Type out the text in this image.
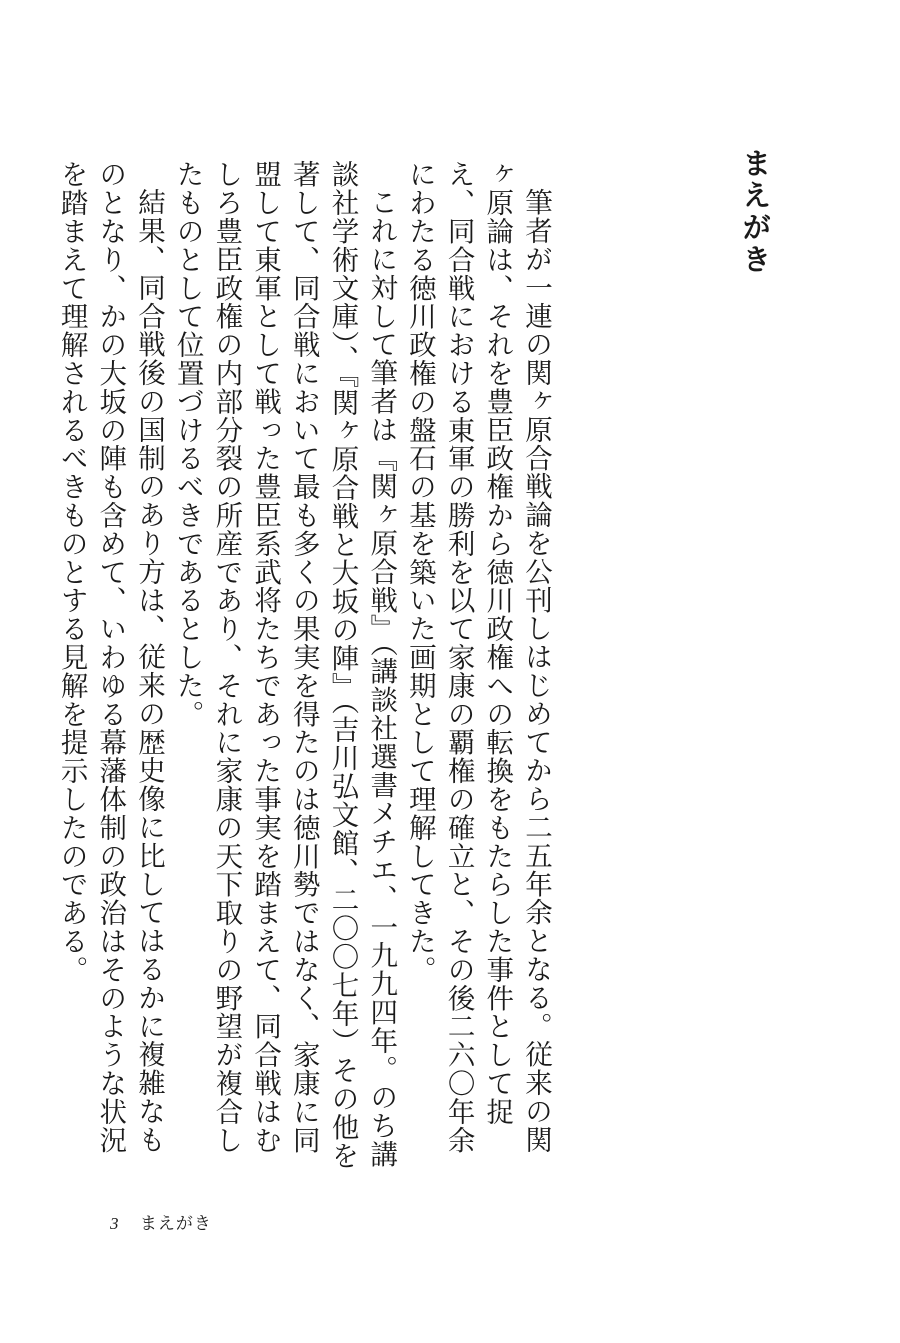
まえがき

筆者が一連の関ヶ原合戦論を公刊しはじめてから二五年余となる。従来の関ヶ原論は、それを豊臣政権から徳川政権への転換をもたらした事件として捉え、同合戦における東軍の勝利を以て家康の覇権の確立と、その後二六〇年余にわたる徳川政権の盤石の基を築いた画期として理解してきた。

これに対して筆者は『関ヶ原合戦』（講談社選書メチエ、一九九四年。のち講談社学術文庫）、『関ヶ原合戦と大坂の陣』（吉川弘文館、二〇〇七年）その他を著して、同合戦において最も多くの果実を得たのは徳川勢ではなく、家康に同盟して東軍として戦った豊臣系武将たちであった事実を踏まえて、同合戦はむしろ豊臣政権の内部分裂の所産であり、それに家康の天下取りの野望が複合したものとして位置づけるべきであるとした。

結果、同合戦後の国制のあり方は、従来の歴史像に比してはるかに複雑なものとなり、かの大坂の陣も含めて、いわゆる幕藩体制の政治はそのような状況を踏まえて理解されるべきものとする見解を提示したのである。

3 まえがき
